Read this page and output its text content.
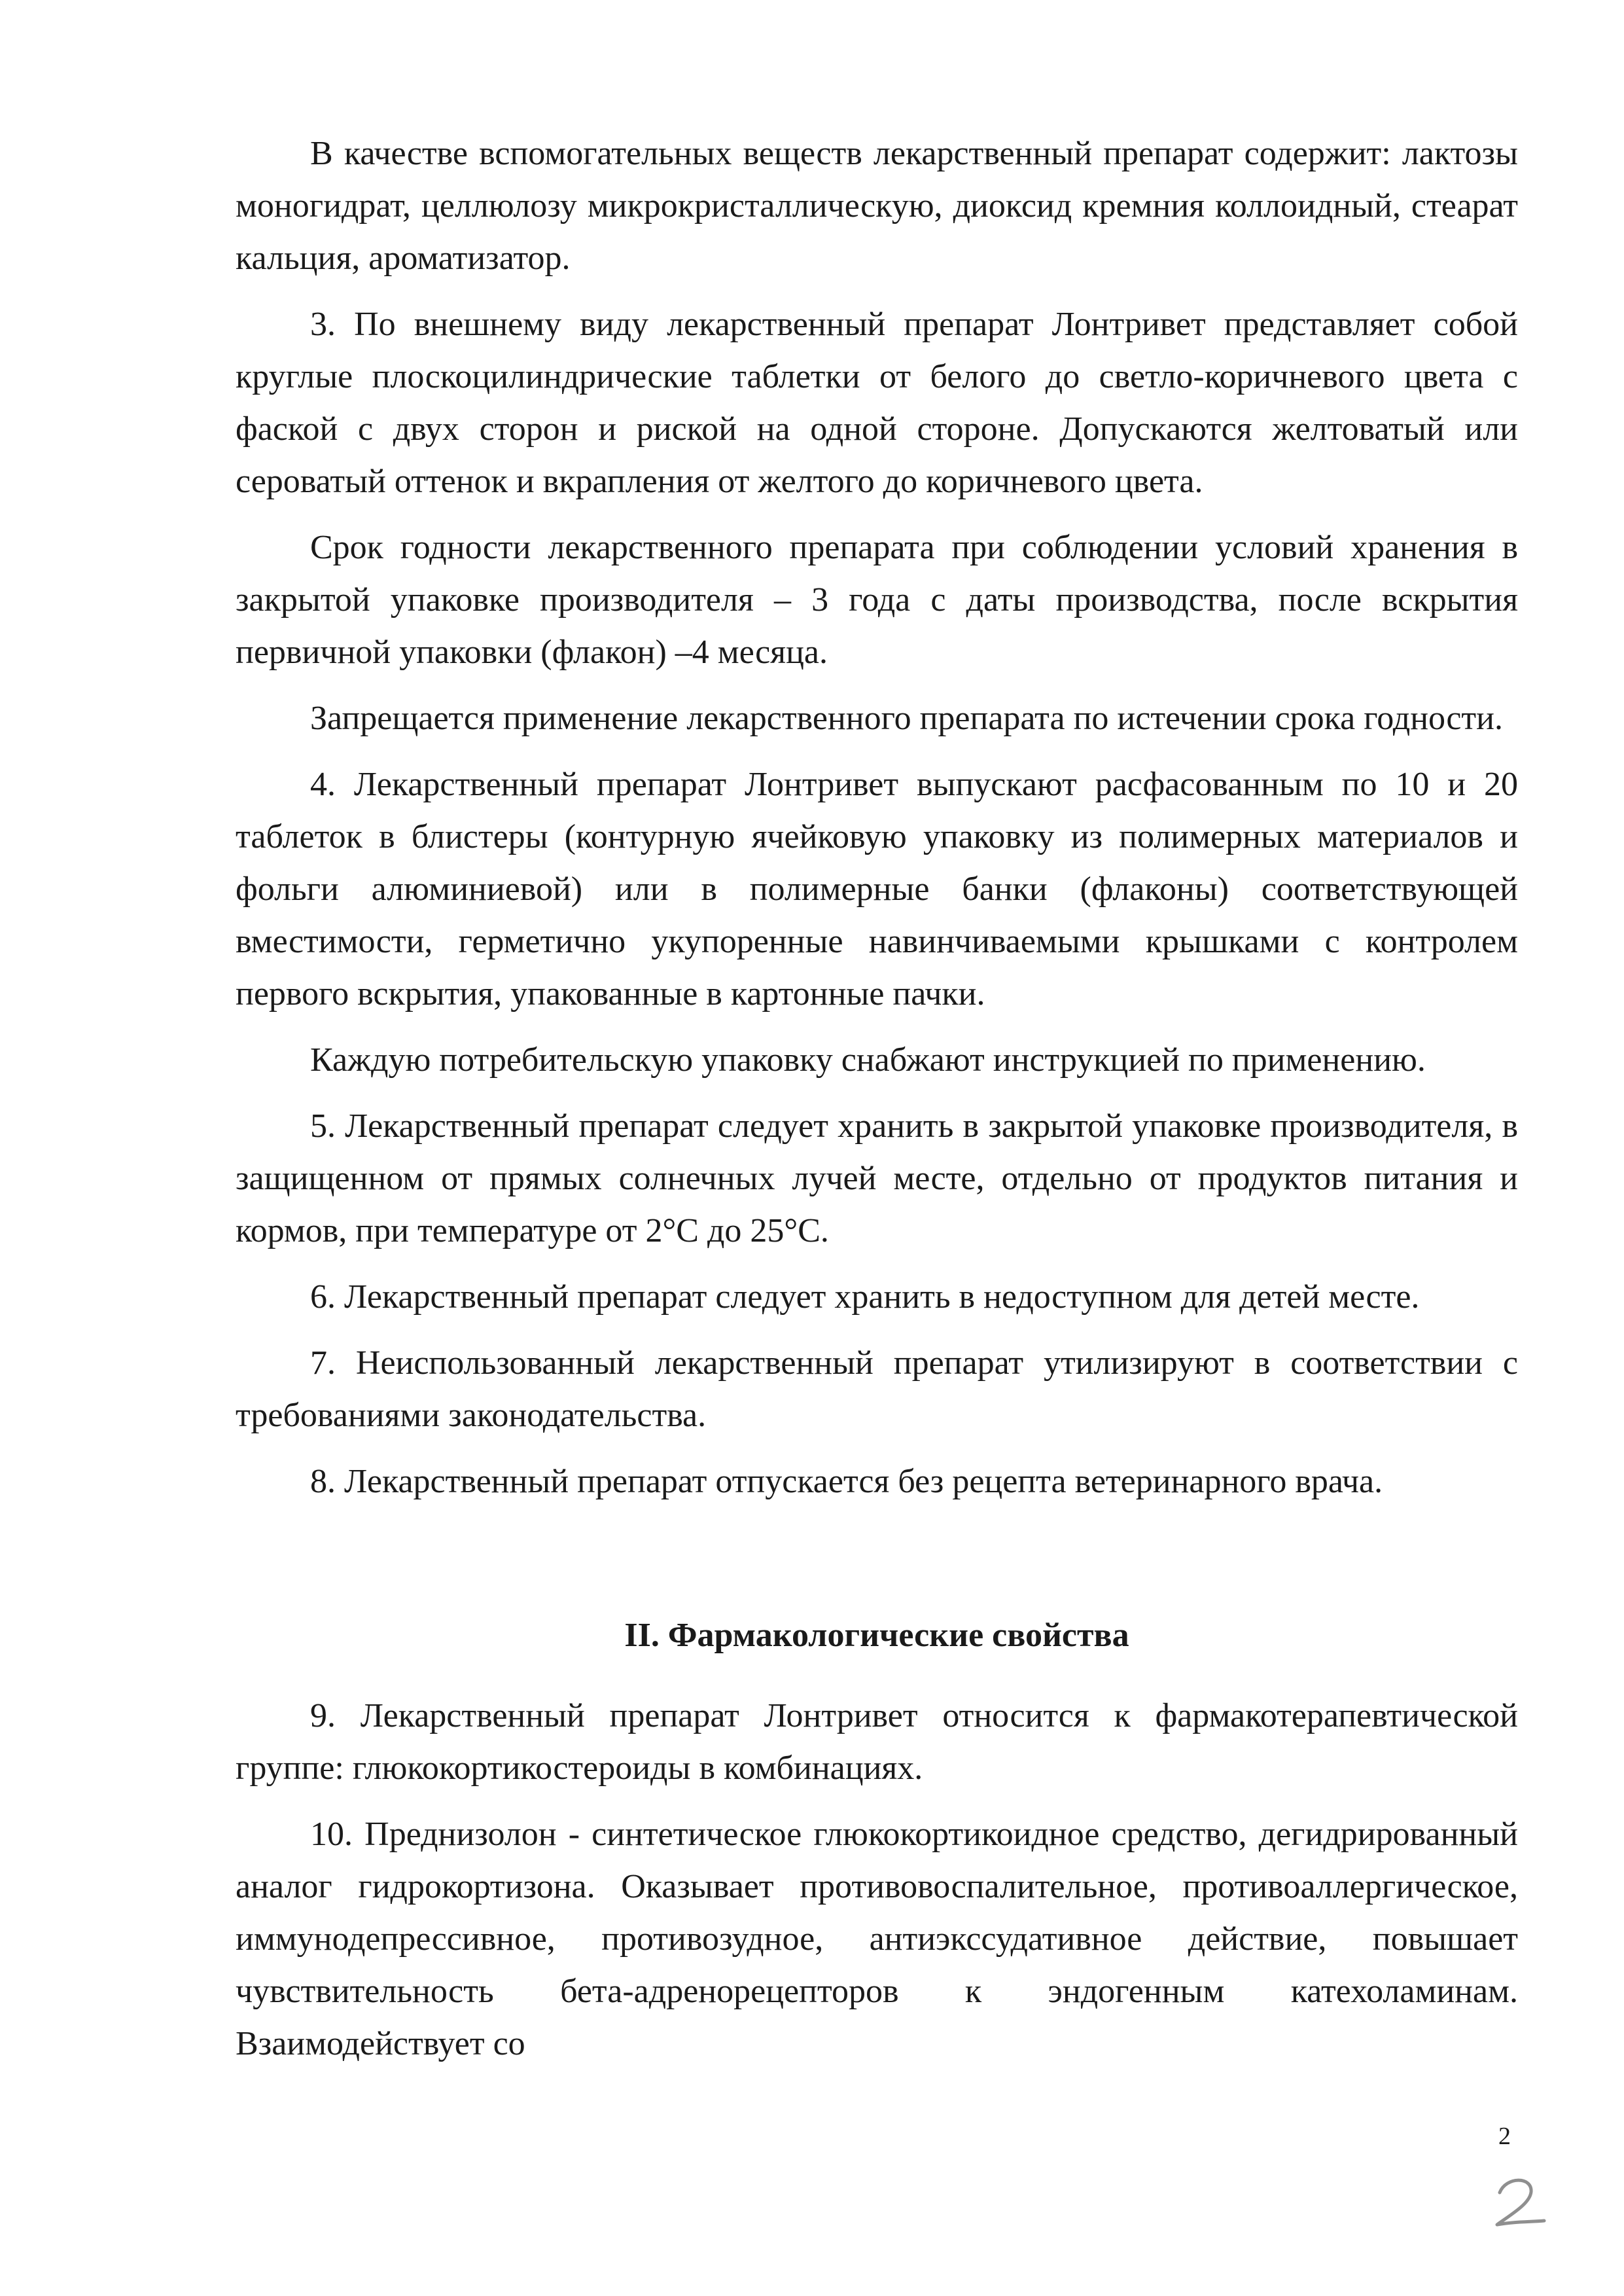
В качестве вспомогательных веществ лекарственный препарат содержит: лактозы моногидрат, целлюлозу микрокристаллическую, диоксид кремния коллоидный, стеарат кальция, ароматизатор.

3. По внешнему виду лекарственный препарат Лонтривет представляет собой круглые плоскоцилиндрические таблетки от белого до светло-коричневого цвета с фаской с двух сторон и риской на одной стороне. Допускаются желтоватый или сероватый оттенок и вкрапления от желтого до коричневого цвета.

Срок годности лекарственного препарата при соблюдении условий хранения в закрытой упаковке производителя – 3 года с даты производства, после вскрытия первичной упаковки (флакон) –4 месяца.

Запрещается применение лекарственного препарата по истечении срока годности.

4. Лекарственный препарат Лонтривет выпускают расфасованным по 10 и 20 таблеток в блистеры (контурную ячейковую упаковку из полимерных материалов и фольги алюминиевой) или в полимерные банки (флаконы) соответствующей вместимости, герметично укупоренные навинчиваемыми крышками с контролем первого вскрытия, упакованные в картонные пачки.

Каждую потребительскую упаковку снабжают инструкцией по применению.

5. Лекарственный препарат следует хранить в закрытой упаковке производителя, в защищенном от прямых солнечных лучей месте, отдельно от продуктов питания и кормов, при температуре от 2°С до 25°С.

6. Лекарственный препарат следует хранить в недоступном для детей месте.

7. Неиспользованный лекарственный препарат утилизируют в соответствии с требованиями законодательства.

8. Лекарственный препарат отпускается без рецепта ветеринарного врача.

II. Фармакологические свойства

9. Лекарственный препарат Лонтривет относится к фармакотерапевтической группе: глюкокортикостероиды в комбинациях.

10. Преднизолон - синтетическое глюкокортикоидное средство, дегидрированный аналог гидрокортизона. Оказывает противовоспалительное, противоаллергическое, иммунодепрессивное, противозудное, антиэкссудативное действие, повышает чувствительность бета-адренорецепторов к эндогенным катехоламинам. Взаимодействует со

2
